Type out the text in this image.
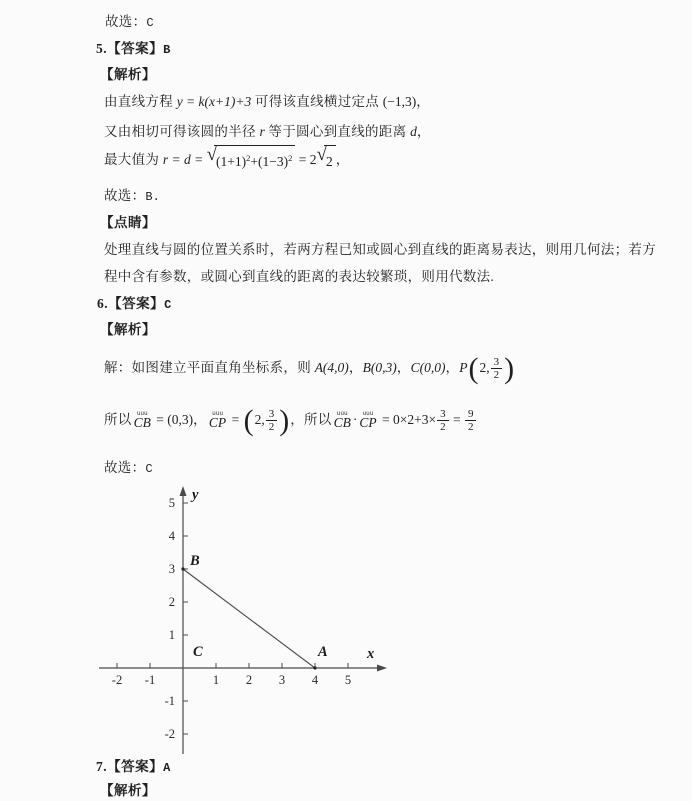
故选：C
5.【答案】B
【解析】
由直线方程 y = k(x+1)+3 可得该直线横过定点 (−1,3)，
又由相切可得该圆的半径 r 等于圆心到直线的距离 d，
最大值为 $r = d = √(1+1)^2+(1-3)^2 = 2√2$ ，
故选：B.
【点睛】
处理直线与圆的位置关系时，若两方程已知或圆心到直线的距离易表达，则用几何法；若方
程中含有参数，或圆心到直线的距离的表达较繁琐，则用代数法.
6.【答案】C
【解析】
解：如图建立平面直角坐标系，则 A(4,0)，B(0,3)，C(0,0)，P(2, $\frac{3}{2}$ )
所以 uuu
CB = (0,3)， uuu
CP = (2, $\frac{3}{2}$ )，所以 uuu
CB · uuu
CP = $0\times 2+3\times \frac{3}{2} = \frac{9}{2}$
故选：C
-2 -1	1 2 3 4 5
5
4
3
2
1
-1
-2
B
C	A	x
y
7.【答案】A
【解析】
